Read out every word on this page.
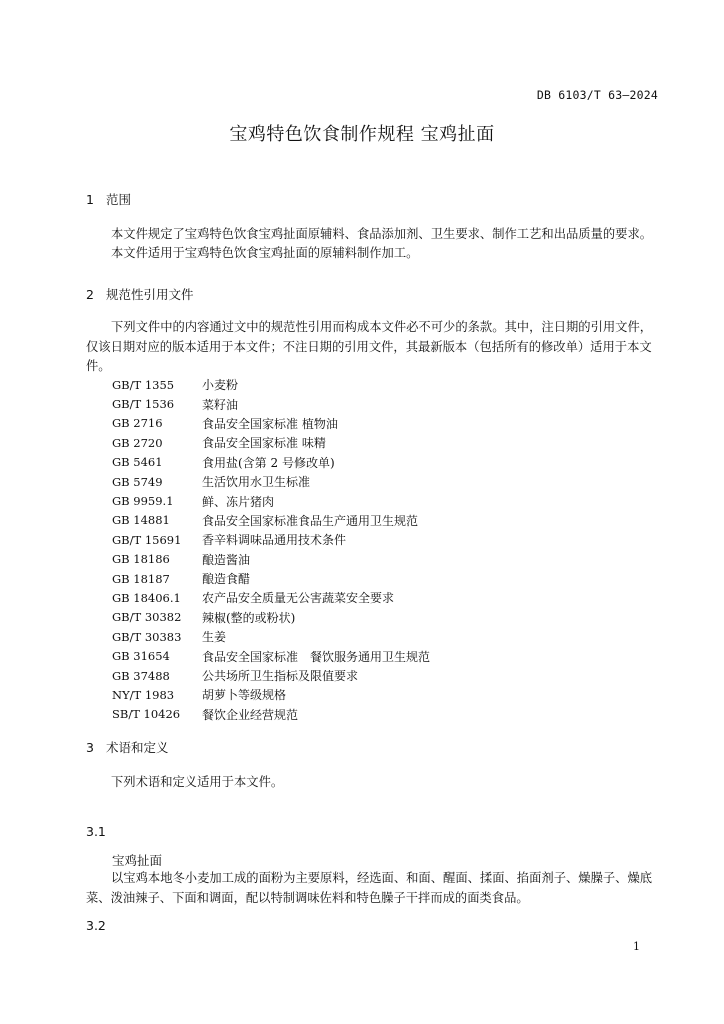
DB 6103/T 63—2024
宝鸡特色饮食制作规程 宝鸡扯面
1 范围
本文件规定了宝鸡特色饮食宝鸡扯面原辅料、食品添加剂、卫生要求、制作工艺和出品质量的要求。
本文件适用于宝鸡特色饮食宝鸡扯面的原辅料制作加工。
2 规范性引用文件
下列文件中的内容通过文中的规范性引用而构成本文件必不可少的条款。其中，注日期的引用文件，仅该日期对应的版本适用于本文件；不注日期的引用文件，其最新版本（包括所有的修改单）适用于本文件。
GB/T 1355	小麦粉
GB/T 1536	菜籽油
GB 2716	食品安全国家标准 植物油
GB 2720	食品安全国家标准 味精
GB 5461	食用盐(含第 2 号修改单)
GB 5749	生活饮用水卫生标准
GB 9959.1	鲜、冻片猪肉
GB 14881	食品安全国家标准食品生产通用卫生规范
GB/T 15691	香辛料调味品通用技术条件
GB 18186	酿造酱油
GB 18187	酿造食醋
GB 18406.1	农产品安全质量无公害蔬菜安全要求
GB/T 30382	辣椒(整的或粉状)
GB/T 30383	生姜
GB 31654	食品安全国家标准　餐饮服务通用卫生规范
GB 37488	公共场所卫生指标及限值要求
NY/T 1983	胡萝卜等级规格
SB/T 10426	餐饮企业经营规范
3 术语和定义
下列术语和定义适用于本文件。
3.1
宝鸡扯面
以宝鸡本地冬小麦加工成的面粉为主要原料，经选面、和面、醒面、揉面、掐面剂子、燥臊子、燥底菜、泼油辣子、下面和调面，配以特制调味佐料和特色臊子干拌而成的面类食品。
3.2
1
